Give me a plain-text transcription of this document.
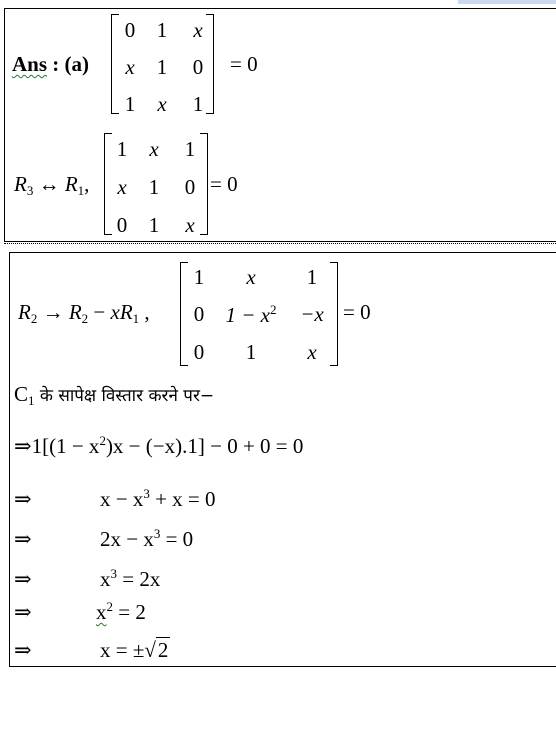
Ans : (a)
0	1	x
x	1	0
1	x	1
= 0
$R_3$ ↔ $R_1$,
1	x	1
x	1	0
0	1	x
= 0
$R_2 \to R_2 - xR_1$ ,
1	x	1
0	$1 - x^2$	−x
0	1	x
= 0
$C_1$ के सापेक्ष विस्तार करने पर−
⇒1[(1 − $x^2)x - (-x).1] - 0 + 0 = 0$
⇒	$x - x^3 + x = 0$
⇒	$2x - x^3 = 0$
⇒	$x^3 = 2x$
⇒	$x^2 = 2$
⇒	x = ±√2
